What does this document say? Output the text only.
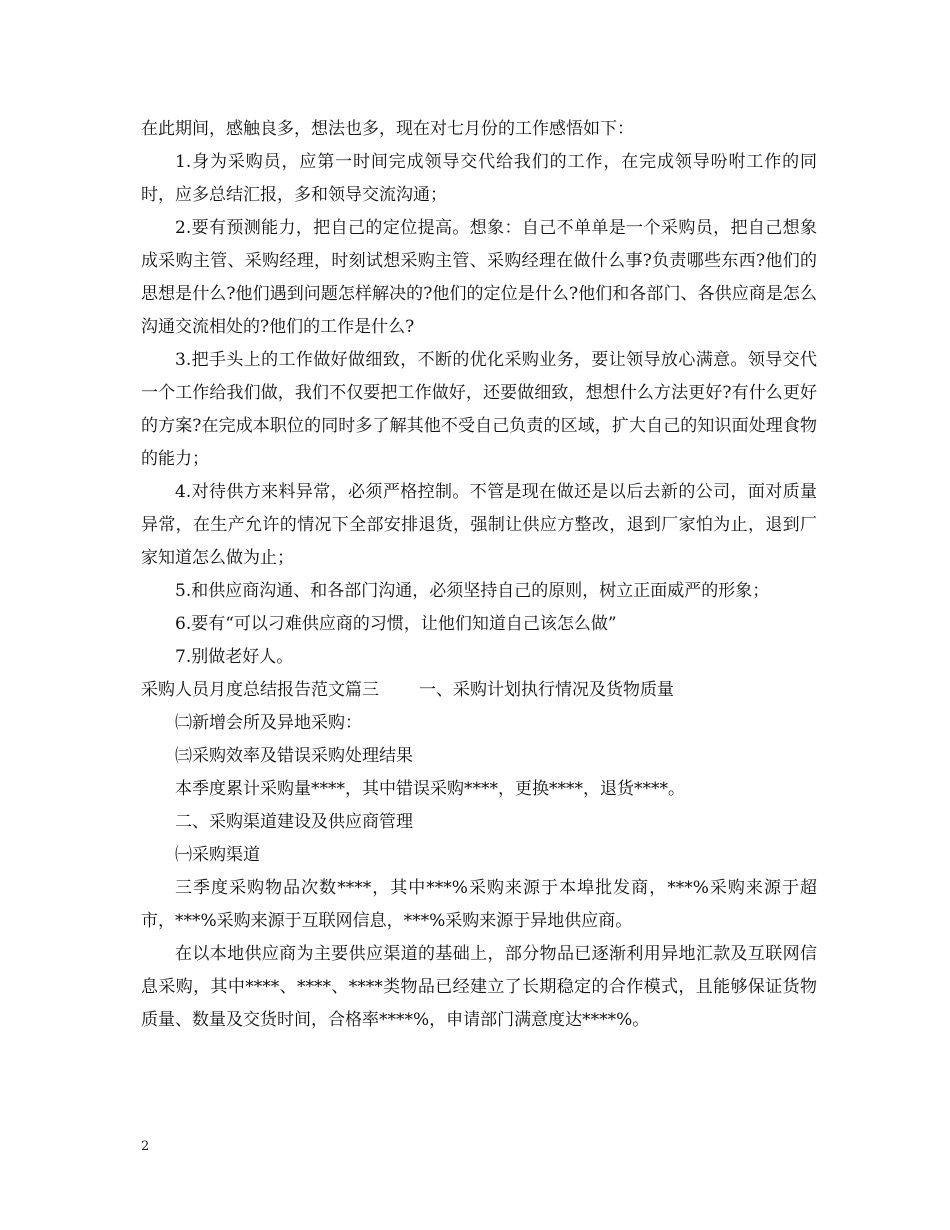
在此期间，感触良多，想法也多，现在对七月份的工作感悟如下：

1.身为采购员，应第一时间完成领导交代给我们的工作，在完成领导吩咐工作的同时，应多总结汇报，多和领导交流沟通；

2.要有预测能力，把自己的定位提高。想象：自己不单单是一个采购员，把自己想象成采购主管、采购经理，时刻试想采购主管、采购经理在做什么事?负责哪些东西?他们的思想是什么?他们遇到问题怎样解决的?他们的定位是什么?他们和各部门、各供应商是怎么沟通交流相处的?他们的工作是什么?

3.把手头上的工作做好做细致，不断的优化采购业务，要让领导放心满意。领导交代一个工作给我们做，我们不仅要把工作做好，还要做细致，想想什么方法更好?有什么更好的方案?在完成本职位的同时多了解其他不受自己负责的区域，扩大自己的知识面处理食物的能力；

4.对待供方来料异常，必须严格控制。不管是现在做还是以后去新的公司，面对质量异常，在生产允许的情况下全部安排退货，强制让供应方整改，退到厂家怕为止，退到厂家知道怎么做为止；

5.和供应商沟通、和各部门沟通，必须坚持自己的原则，树立正面威严的形象；

6.要有“可以刁难供应商的习惯，让他们知道自己该怎么做”

7.别做老好人。

采购人员月度总结报告范文篇三 一、采购计划执行情况及货物质量

㈡新增会所及异地采购：

㈢采购效率及错误采购处理结果

本季度累计采购量****，其中错误采购****，更换****，退货****。

二、采购渠道建设及供应商管理

㈠采购渠道

三季度采购物品次数****，其中***%采购来源于本埠批发商，***%采购来源于超市，***%采购来源于互联网信息，***%采购来源于异地供应商。

在以本地供应商为主要供应渠道的基础上，部分物品已逐渐利用异地汇款及互联网信息采购，其中****、****、****类物品已经建立了长期稳定的合作模式，且能够保证货物质量、数量及交货时间，合格率****%，申请部门满意度达****%。

2
